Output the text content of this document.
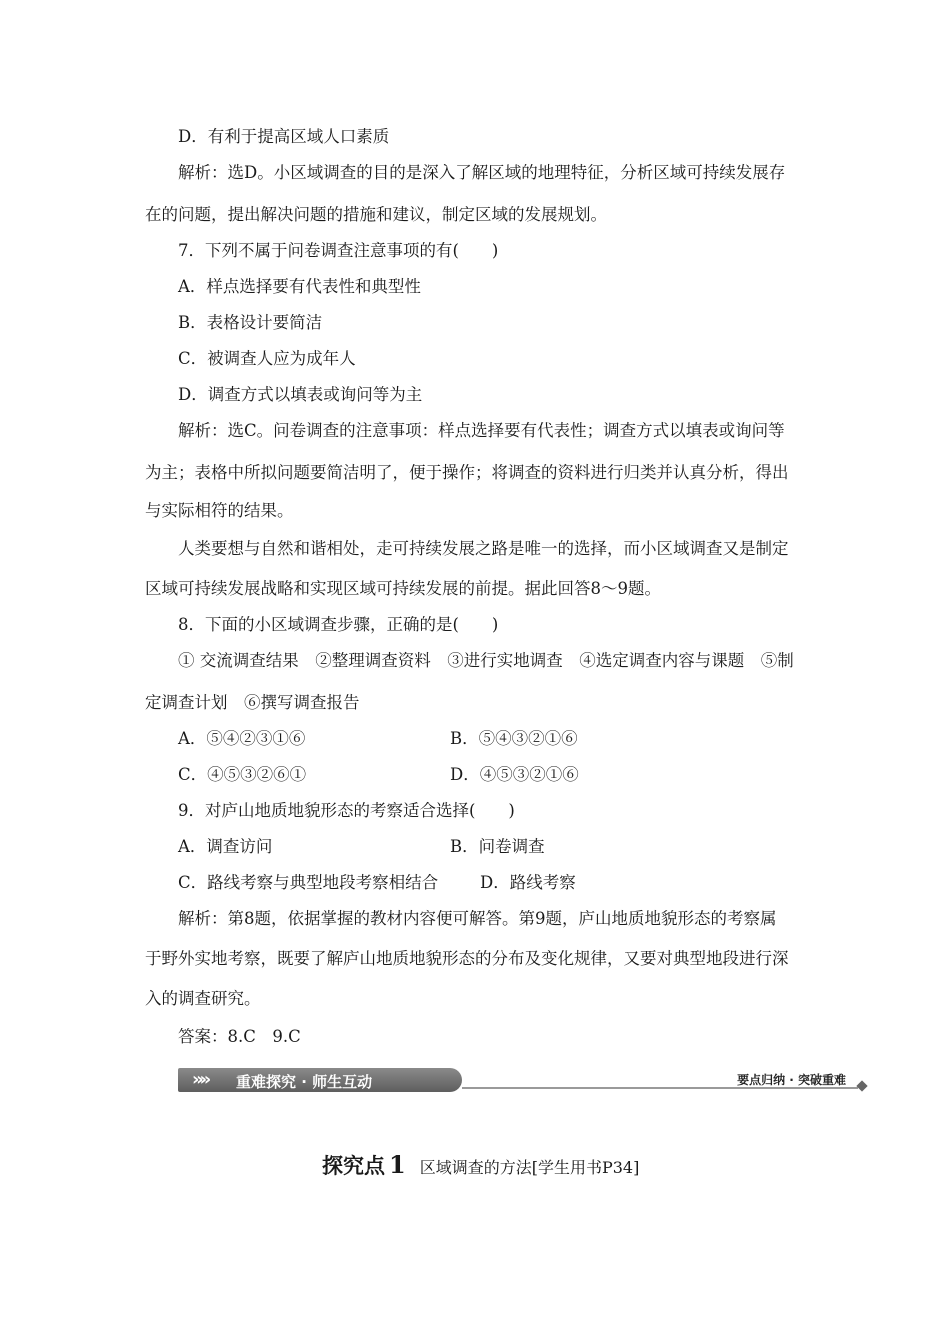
D．有利于提高区域人口素质
解析：选D。小区域调查的目的是深入了解区域的地理特征，分析区域可持续发展存
在的问题，提出解决问题的措施和建议，制定区域的发展规划。
7．下列不属于问卷调查注意事项的有(　　)
A．样点选择要有代表性和典型性
B．表格设计要简洁
C．被调查人应为成年人
D．调查方式以填表或询问等为主
解析：选C。问卷调查的注意事项：样点选择要有代表性；调查方式以填表或询问等
为主；表格中所拟问题要简洁明了，便于操作；将调查的资料进行归类并认真分析，得出
与实际相符的结果。
人类要想与自然和谐相处，走可持续发展之路是唯一的选择，而小区域调查又是制定
区域可持续发展战略和实现区域可持续发展的前提。据此回答8～9题。
8．下面的小区域调查步骤，正确的是(　　)
① 交流调查结果　②整理调查资料　③进行实地调查　④选定调查内容与课题　⑤制
定调查计划　⑥撰写调查报告
A．⑤④②③①⑥	B．⑤④③②①⑥
C．④⑤③②⑥①	D．④⑤③②①⑥
9．对庐山地质地貌形态的考察适合选择(　　)
A．调查访问	B．问卷调查
C．路线考察与典型地段考察相结合	D．路线考察
解析：第8题，依据掌握的教材内容便可解答。第9题，庐山地质地貌形态的考察属
于野外实地考察，既要了解庐山地质地貌形态的分布及变化规律，又要对典型地段进行深
入的调查研究。
答案：8.C　9.C
»» 重难探究 · 师生互动	要点归纳 · 突破重难
探究点 1 区域调查的方法[学生用书P34]
